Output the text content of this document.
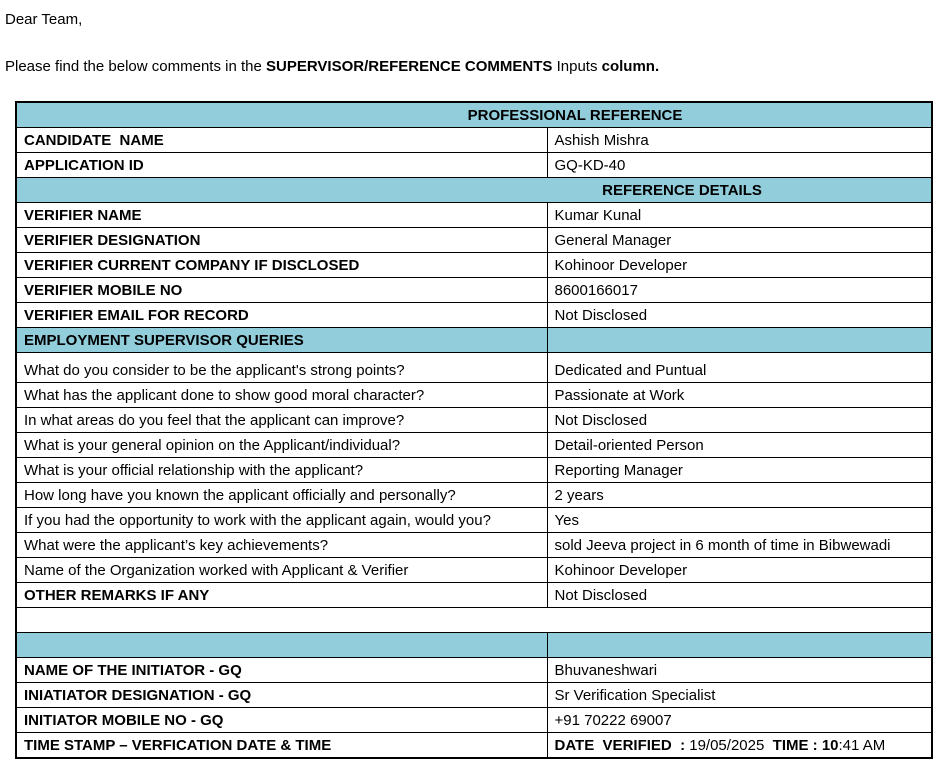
Dear Team,

Please find the below comments in the SUPERVISOR/REFERENCE COMMENTS Inputs column.

PROFESSIONAL REFERENCE	
CANDIDATE  NAME	Ashish Mishra
APPLICATION ID	GQ-KD-40
REFERENCE DETAILS	
VERIFIER NAME	Kumar Kunal
VERIFIER DESIGNATION	General Manager
VERIFIER CURRENT COMPANY IF DISCLOSED	Kohinoor Developer
VERIFIER MOBILE NO	8600166017
VERIFIER EMAIL FOR RECORD	Not Disclosed
EMPLOYMENT SUPERVISOR QUERIES	
What do you consider to be the applicant's strong points?	Dedicated and Puntual
What has the applicant done to show good moral character?	Passionate at Work
In what areas do you feel that the applicant can improve?	Not Disclosed
What is your general opinion on the Applicant/individual?	Detail-oriented Person
What is your official relationship with the applicant?	Reporting Manager
How long have you known the applicant officially and personally?	2 years
If you had the opportunity to work with the applicant again, would you?	Yes
What were the applicant’s key achievements?	sold Jeeva project in 6 month of time in Bibwewadi
Name of the Organization worked with Applicant & Verifier	Kohinoor Developer
OTHER REMARKS IF ANY	Not Disclosed

NAME OF THE INITIATOR - GQ	Bhuvaneshwari
INIATIATOR DESIGNATION - GQ	Sr Verification Specialist
INITIATOR MOBILE NO - GQ	+91 70222 69007
TIME STAMP – VERFICATION DATE & TIME	DATE  VERIFIED  : 19/05/2025 TIME : 10:41 AM
